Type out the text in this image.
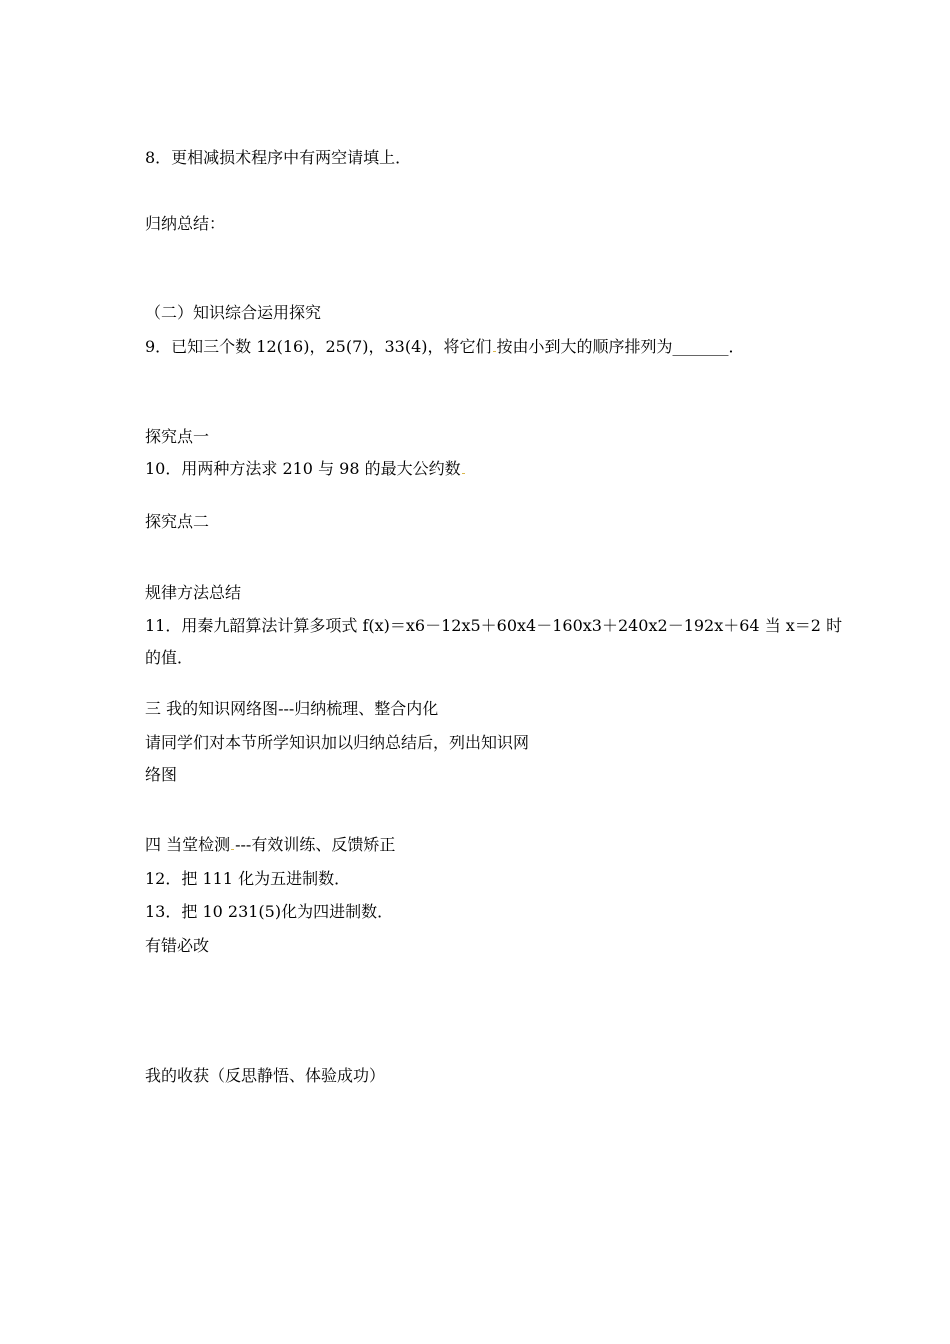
8．更相减损术程序中有两空请填上．
归纳总结：
（二）知识综合运用探究
9．已知三个数 12(16)，25(7)，33(4)，将它们 按由小到大的顺序排列为_______．
探究点一
10．用两种方法求 210 与 98 的最大公约数
探究点二
规律方法总结
11．用秦九韶算法计算多项式 f(x)＝x6－12x5＋60x4－160x3＋240x2－192x＋64 当 x＝2 时
的值．
三 我的知识网络图---归纳梳理、整合内化
请同学们对本节所学知识加以归纳总结后，列出知识网
络图
四 当堂检测 ---有效训练、反馈矫正
12．把 111 化为五进制数．
13．把 10 231(5)化为四进制数．
有错必改
我的收获（反思静悟、体验成功）
